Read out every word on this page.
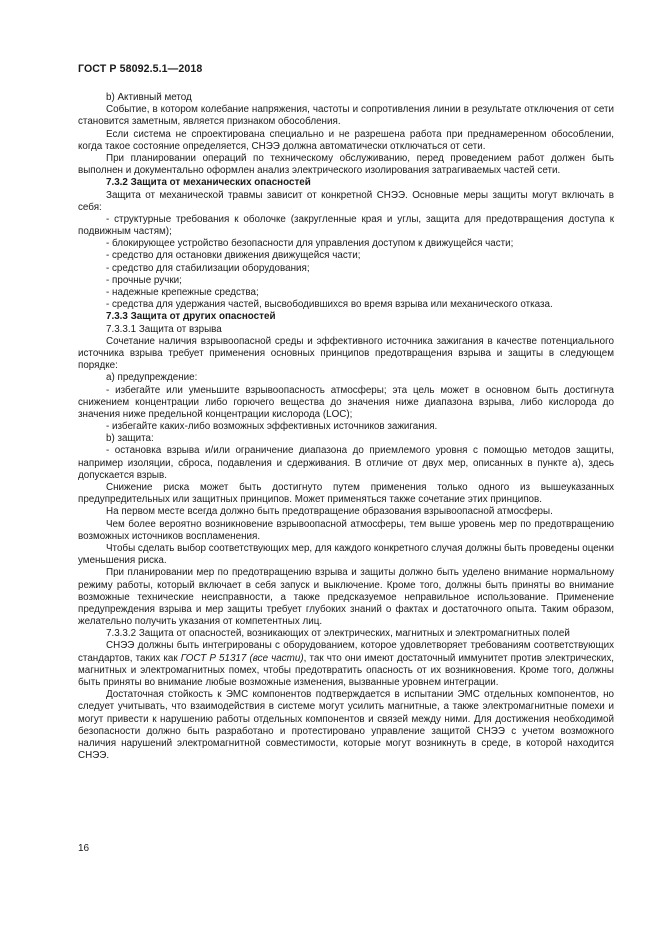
ГОСТ Р 58092.5.1—2018

b) Активный метод

Событие, в котором колебание напряжения, частоты и сопротивления линии в результате отключения от сети становится заметным, является признаком обособления.

Если система не спроектирована специально и не разрешена работа при преднамеренном обособлении, когда такое состояние определяется, СНЭЭ должна автоматически отключаться от сети.

При планировании операций по техническому обслуживанию, перед проведением работ должен быть выполнен и документально оформлен анализ электрического изолирования затрагиваемых частей сети.

7.3.2 Защита от механических опасностей

Защита от механической травмы зависит от конкретной СНЭЭ. Основные меры защиты могут включать в себя:

- структурные требования к оболочке (закругленные края и углы, защита для предотвращения доступа к подвижным частям);

- блокирующее устройство безопасности для управления доступом к движущейся части;

- средство для остановки движения движущейся части;

- средство для стабилизации оборудования;

- прочные ручки;

- надежные крепежные средства;

- средства для удержания частей, высвободившихся во время взрыва или механического отказа.

7.3.3 Защита от других опасностей

7.3.3.1 Защита от взрыва

Сочетание наличия взрывоопасной среды и эффективного источника зажигания в качестве потенциального источника взрыва требует применения основных принципов предотвращения взрыва и защиты в следующем порядке:

a) предупреждение:

- избегайте или уменьшите взрывоопасность атмосферы; эта цель может в основном быть достигнута снижением концентрации либо горючего вещества до значения ниже диапазона взрыва, либо кислорода до значения ниже предельной концентрации кислорода (LOC);

- избегайте каких-либо возможных эффективных источников зажигания.

b) защита:

- остановка взрыва и/или ограничение диапазона до приемлемого уровня с помощью методов защиты, например изоляции, сброса, подавления и сдерживания. В отличие от двух мер, описанных в пункте а), здесь допускается взрыв.

Снижение риска может быть достигнуто путем применения только одного из вышеуказанных предупредительных или защитных принципов. Может применяться также сочетание этих принципов.

На первом месте всегда должно быть предотвращение образования взрывоопасной атмосферы.

Чем более вероятно возникновение взрывоопасной атмосферы, тем выше уровень мер по предотвращению возможных источников воспламенения.

Чтобы сделать выбор соответствующих мер, для каждого конкретного случая должны быть проведены оценки уменьшения риска.

При планировании мер по предотвращению взрыва и защиты должно быть уделено внимание нормальному режиму работы, который включает в себя запуск и выключение. Кроме того, должны быть приняты во внимание возможные технические неисправности, а также предсказуемое неправильное использование. Применение предупреждения взрыва и мер защиты требует глубоких знаний о фактах и достаточного опыта. Таким образом, желательно получить указания от компетентных лиц.

7.3.3.2 Защита от опасностей, возникающих от электрических, магнитных и электромагнитных полей

СНЭЭ должны быть интегрированы с оборудованием, которое удовлетворяет требованиям соответствующих стандартов, таких как ГОСТ Р 51317 (все части), так что они имеют достаточный иммунитет против электрических, магнитных и электромагнитных помех, чтобы предотвратить опасность от их возникновения. Кроме того, должны быть приняты во внимание любые возможные изменения, вызванные уровнем интеграции.

Достаточная стойкость к ЭМС компонентов подтверждается в испытании ЭМС отдельных компонентов, но следует учитывать, что взаимодействия в системе могут усилить магнитные, а также электромагнитные помехи и могут привести к нарушению работы отдельных компонентов и связей между ними. Для достижения необходимой безопасности должно быть разработано и протестировано управление защитой СНЭЭ с учетом возможного наличия нарушений электромагнитной совместимости, которые могут возникнуть в среде, в которой находится СНЭЭ.

16
